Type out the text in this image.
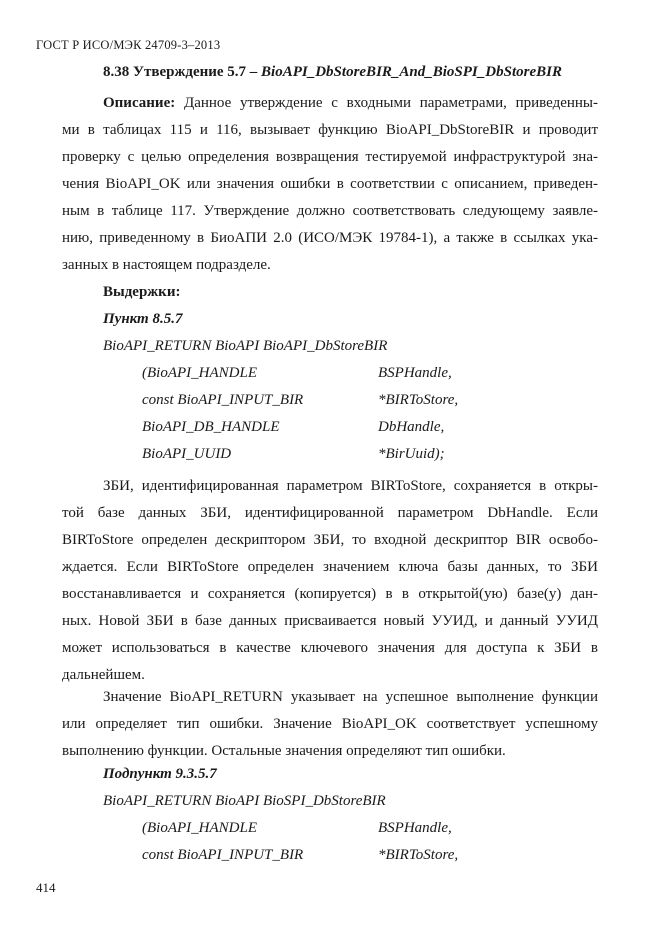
ГОСТ Р ИСО/МЭК 24709-3–2013
8.38 Утверждение 5.7 – BioAPI_DbStoreBIR_And_BioSPI_DbStoreBIR
Описание: Данное утверждение с входными параметрами, приведенны-
ми в таблицах 115 и 116, вызывает функцию BioAPI_DbStoreBIR и проводит
проверку с целью определения возвращения тестируемой инфраструктурой зна-
чения BioAPI_OK или значения ошибки в соответствии с описанием, приведен-
ным в таблице 117. Утверждение должно соответствовать следующему заявле-
нию, приведенному в БиоАПИ 2.0 (ИСО/МЭК 19784-1), а также в ссылках ука-
занных в настоящем подразделе.
Выдержки:
Пункт 8.5.7
BioAPI_RETURN BioAPI BioAPI_DbStoreBIR
(BioAPI_HANDLE	BSPHandle,
const BioAPI_INPUT_BIR	*BIRToStore,
BioAPI_DB_HANDLE	DbHandle,
BioAPI_UUID	*BirUuid);
ЗБИ, идентифицированная параметром BIRToStore, сохраняется в откры-
той базе данных ЗБИ, идентифицированной параметром DbHandle. Если
BIRToStore определен дескриптором ЗБИ, то входной дескриптор BIR освобо-
ждается. Если BIRToStore определен значением ключа базы данных, то ЗБИ
восстанавливается и сохраняется (копируется) в в открытой(ую) базе(у) дан-
ных. Новой ЗБИ в базе данных присваивается новый УУИД, и данный УУИД
может использоваться в качестве ключевого значения для доступа к ЗБИ в
дальнейшем.
Значение BioAPI_RETURN указывает на успешное выполнение функции
или определяет тип ошибки. Значение BioAPI_OK соответствует успешному
выполнению функции. Остальные значения определяют тип ошибки.
Подпункт 9.3.5.7
BioAPI_RETURN BioAPI BioSPI_DbStoreBIR
(BioAPI_HANDLE	BSPHandle,
const BioAPI_INPUT_BIR	*BIRToStore,
414
